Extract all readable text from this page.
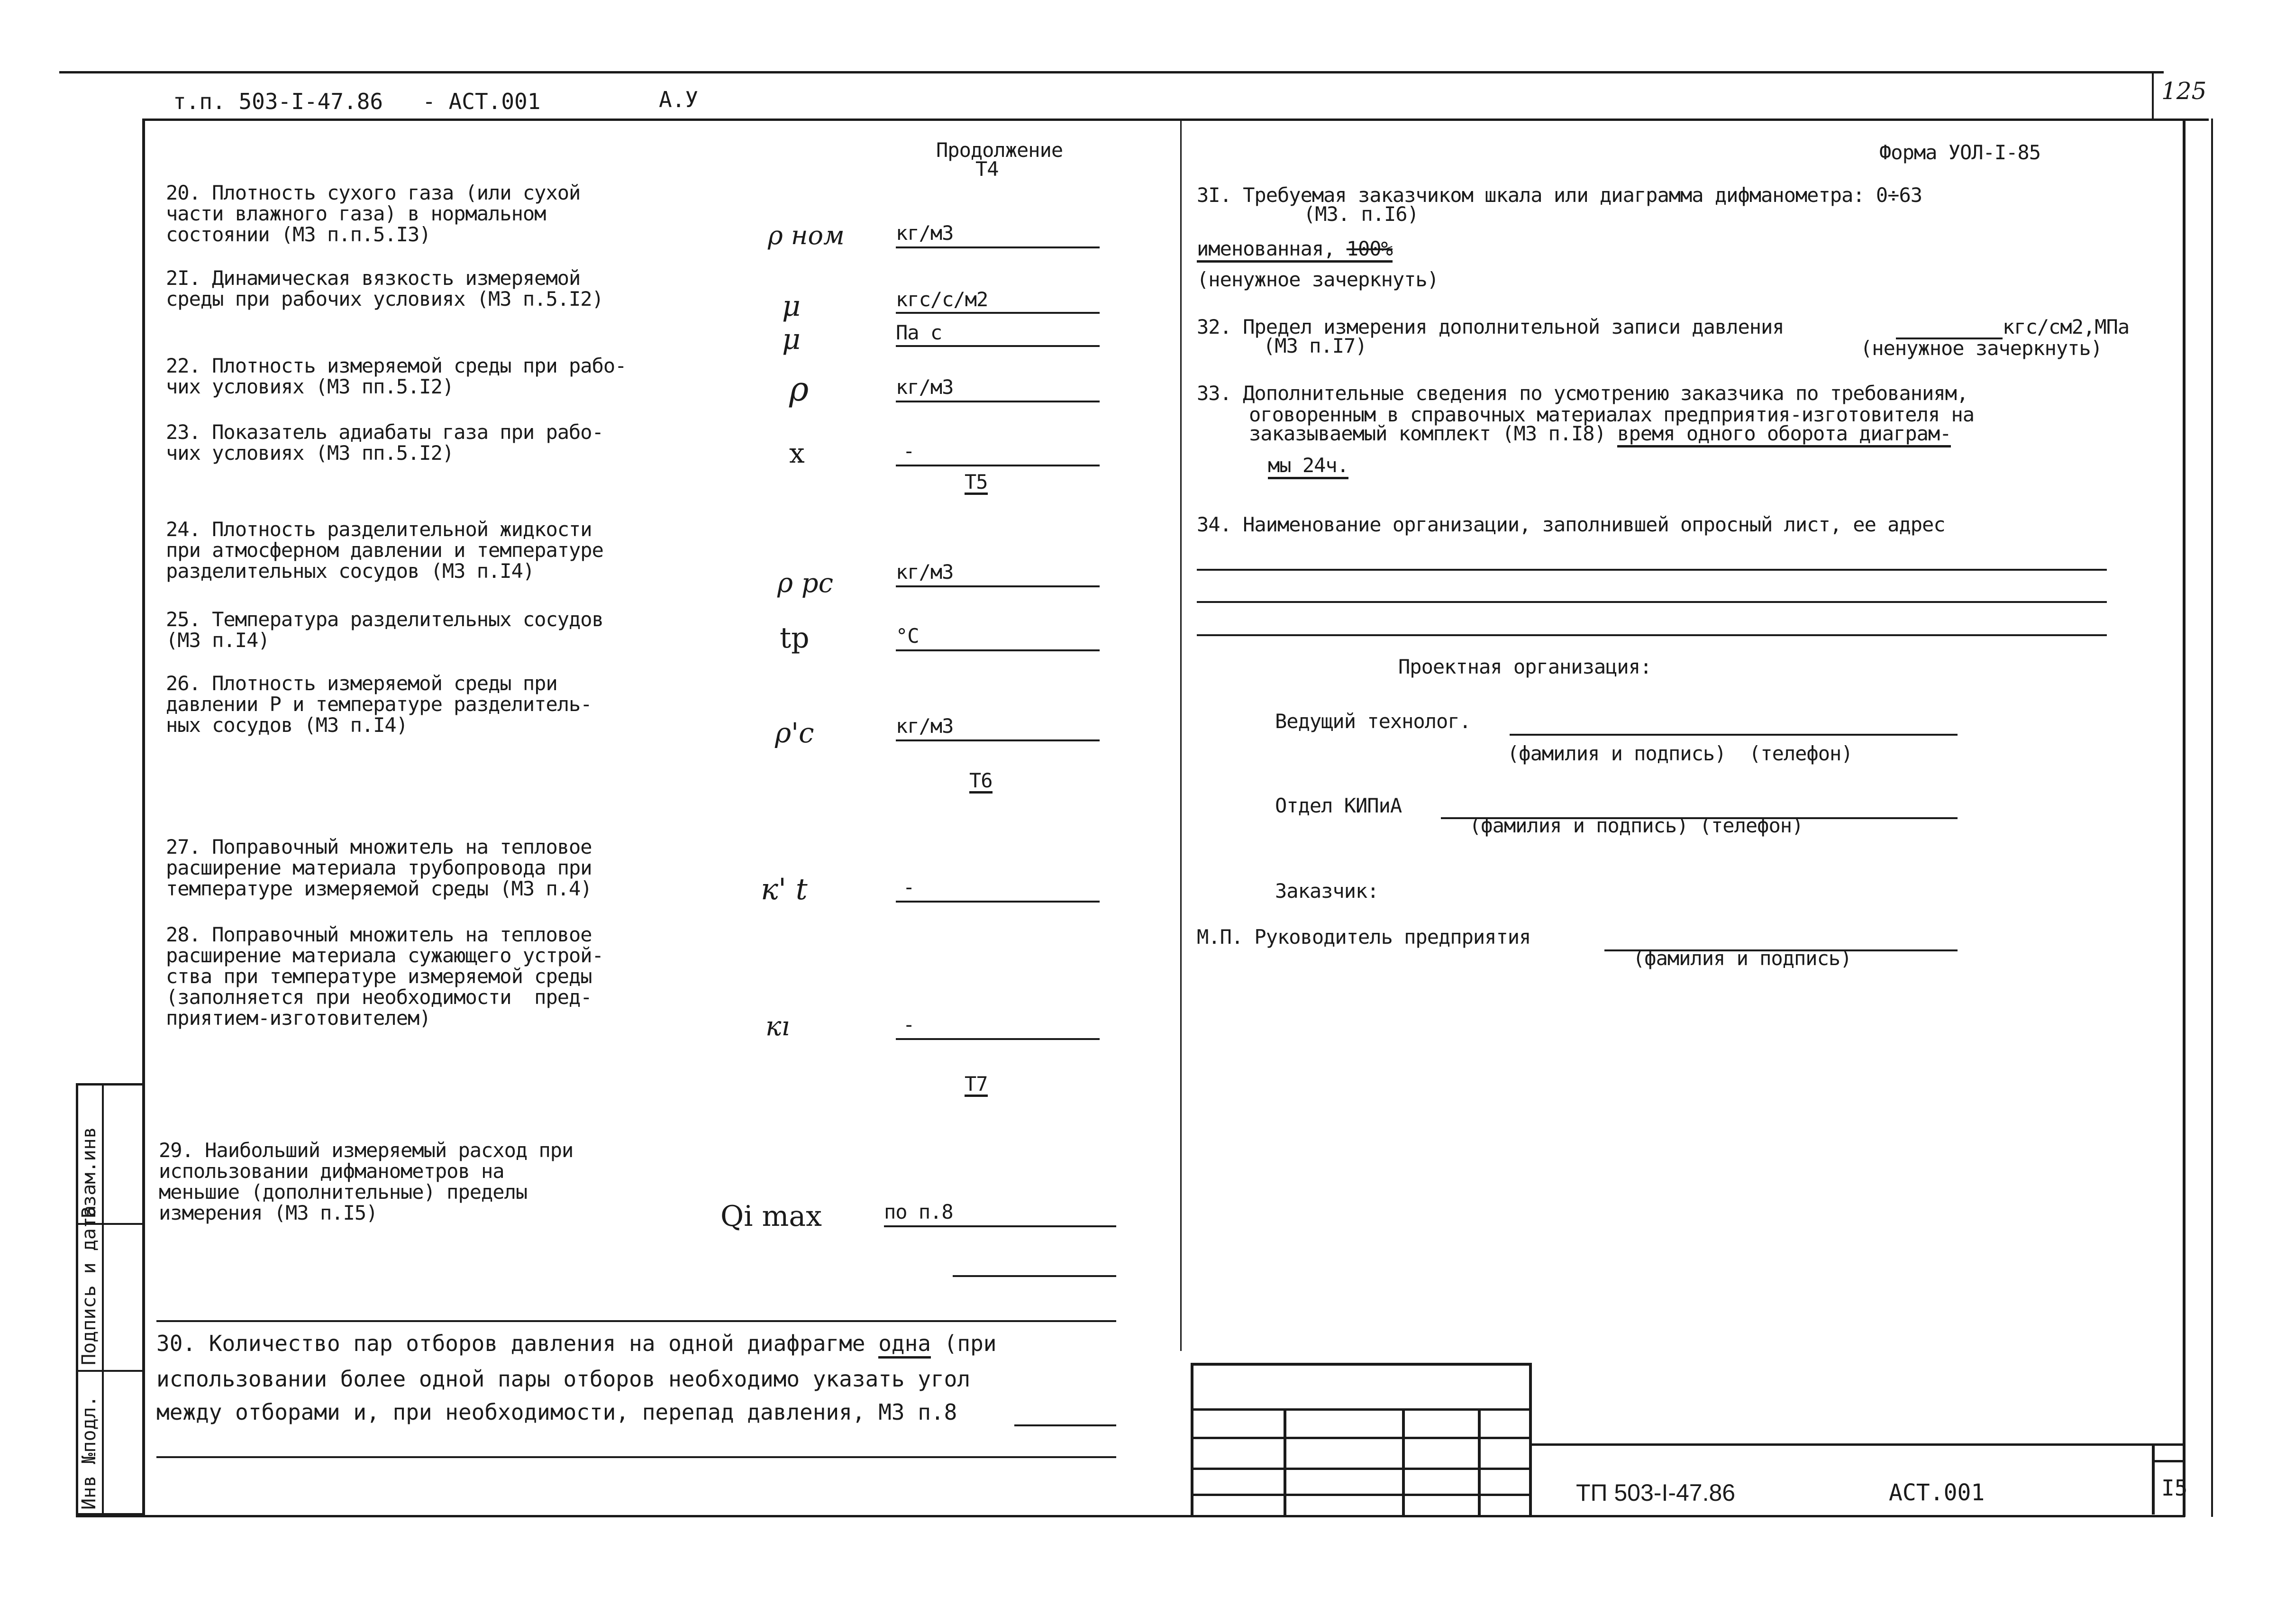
т.п. 503-I-47.86   - АСТ.001	А.У	125
Продолжение
Т4
20. Плотность сухого газа (или сухой
части влажного газа) в нормальном
состоянии (МЗ п.п.5.I3)	ρ ном	кг/м3
2I. Динамическая вязкость измеряемой
среды при рабочих условиях (МЗ п.5.I2)	μ	кгс/с/м2
μ	Па с
22. Плотность измеряемой среды при рабо-
чих условиях (МЗ пп.5.I2)	ρ	кг/м3
23. Показатель адиабаты газа при рабо-
чих условиях (МЗ пп.5.I2)	x	-
Т5
24. Плотность разделительной жидкости
при атмосферном давлении и температуре
разделительных сосудов (МЗ п.I4)	ρ рс	кг/м3
25. Температура разделительных сосудов
(МЗ п.I4)	tр	°С
26. Плотность измеряемой среды при
давлении Р и температуре разделитель-
ных сосудов (МЗ п.I4)	ρ'с	кг/м3
Т6
27. Поправочный множитель на тепловое
расширение материала трубопровода при
температуре измеряемой среды (МЗ п.4)	к' t	-
28. Поправочный множитель на тепловое
расширение материала сужающего устрой-
ства при температуре измеряемой среды
(заполняется при необходимости  пред-
приятием-изготовителем)	кı	-
Т7
29. Наибольший измеряемый расход при
использовании дифманометров на
меньшие (дополнительные) пределы
измерения (МЗ п.I5)	Qi max	по п.8
30. Количество пар отборов давления на одной диафрагме одна (при
использовании более одной пары отборов необходимо указать угол
между отборами и, при необходимости, перепад давления, МЗ п.8
Форма УОЛ-I-85
3I. Требуемая заказчиком шкала или диаграмма дифманометра: 0÷63
(МЗ. п.I6)
именованная, 100%
(ненужное зачеркнуть)
32. Предел измерения дополнительной записи давления	кгс/см2,МПа
(МЗ п.I7)	(ненужное зачеркнуть)
33. Дополнительные сведения по усмотрению заказчика по требованиям,
оговоренным в справочных материалах предприятия-изготовителя на
заказываемый комплект (МЗ п.I8) время одного оборота диаграм-
мы 24ч.
34. Наименование организации, заполнившей опросный лист, ее адрес
Проектная организация:
Ведущий технолог.
(фамилия и подпись)  (телефон)
Отдел КИПиА
(фамилия и подпись) (телефон)
Заказчик:
М.П. Руководитель предприятия
(фамилия и подпись)
ТП 503-I-47.86	АСТ.001	I5
Инв №подл.
Подпись и дата
Взам.инв
